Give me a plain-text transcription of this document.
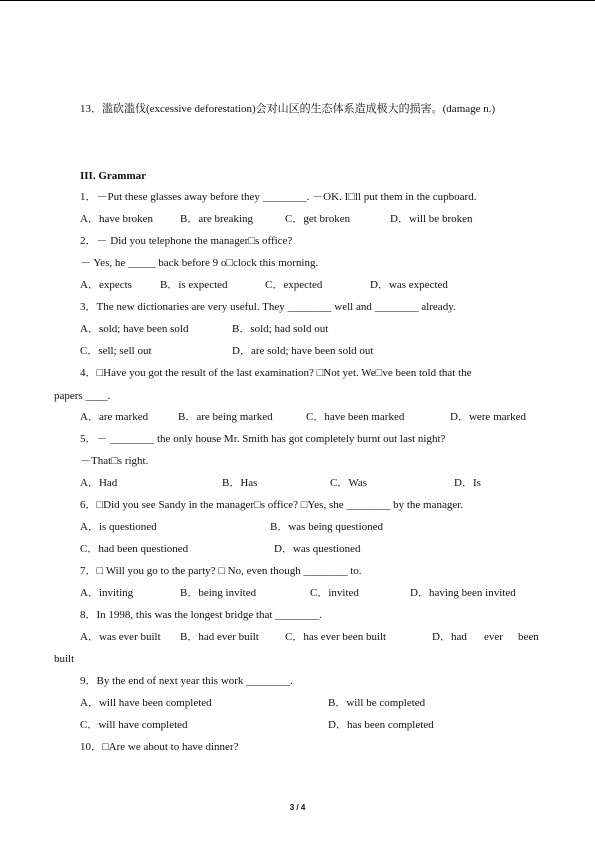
13．滥砍滥伐(excessive deforestation)会对山区的生态体系造成极大的损害。(damage n.)
III. Grammar
1．－Put these glasses away before they ________. －OK. I□ll put them in the cupboard.
A．have broken B．are breaking	C．get broken	D．will be broken
2．－ Did you telephone the manager□s office?
－ Yes, he _____ back before 9 o□clock this morning.
A．expects	B．is expected	C．expected	D．was expected
3．The new dictionaries are very useful. They ________ well and ________ already.
A．sold; have been sold	B．sold; had sold out
C．sell; sell out	D．are sold; have been sold out
4．□Have you got the result of the last examination? □Not yet. We□ve been told that the
papers ____.
A．are marked	B．are being marked	C．have been marked	D．were marked
5．－ ________ the only house Mr. Smith has got completely burnt out last night?
－That□s right.
A．Had	B．Has	C．Was	D．Is
6．□Did you see Sandy in the manager□s office? □Yes, she ________ by the manager.
A．is questioned	B．was being questioned
C．had been questioned	D．was questioned
7．□ Will you go to the party? □ No, even though ________ to.
A．inviting	B．being invited	C．invited	D．having been invited
8．In 1998, this was the longest bridge that ________.
A．was ever built B．had ever built C．has ever been built	D．had ever been
built
9．By the end of next year this work ________.
A．will have been completed	B．will be completed
C．will have completed	D．has been completed
10．□Are we about to have dinner?
3 / 4
